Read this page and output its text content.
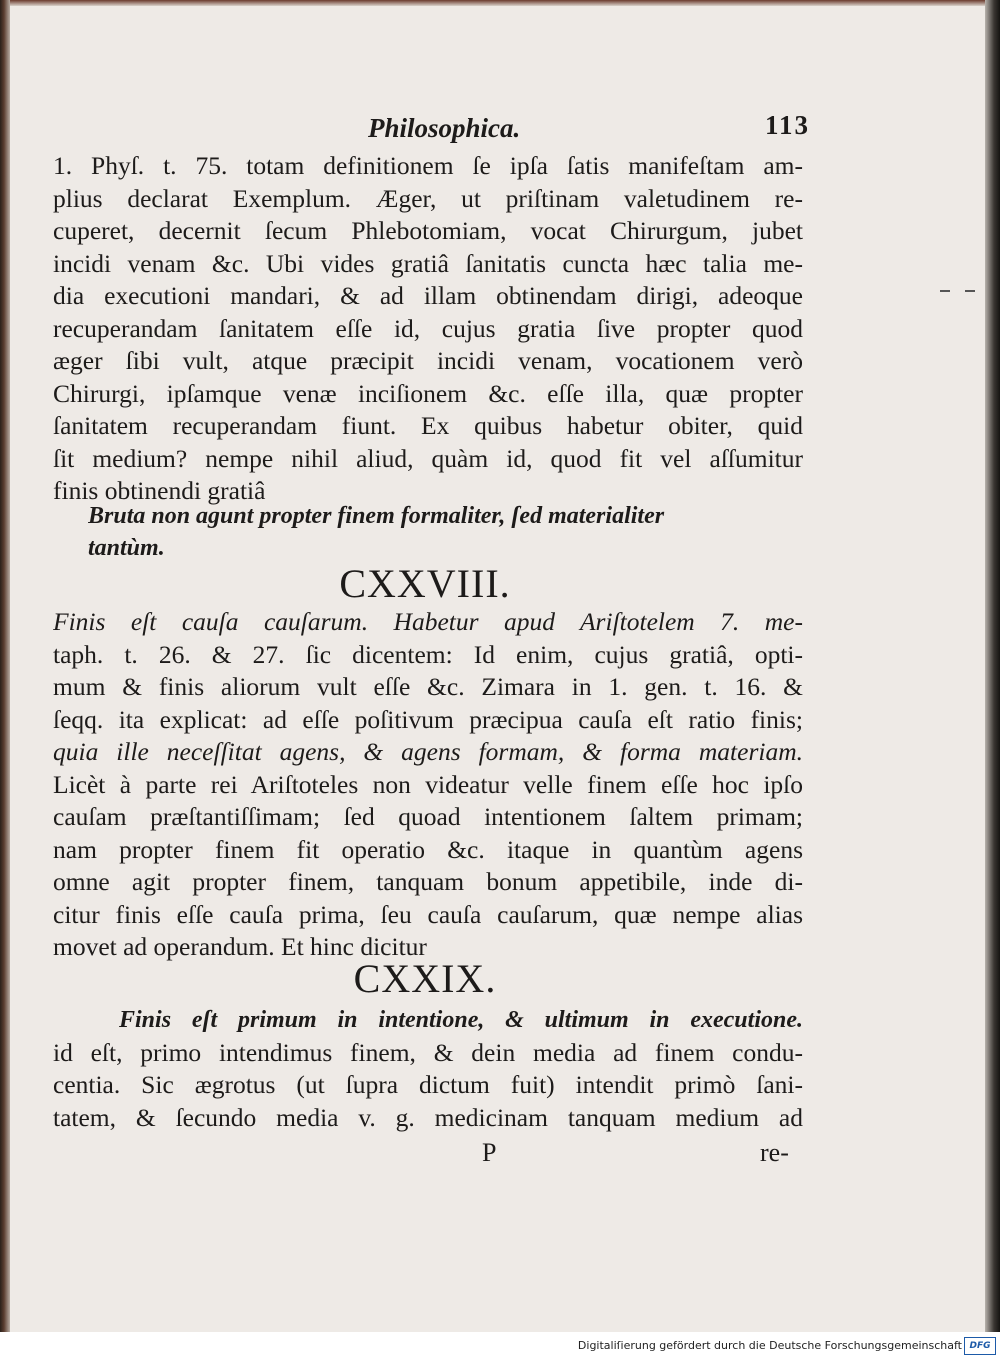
Philosophica.	113
1. Phyſ. t. 75. totam definitionem ſe ipſa ſatis manifeſtam am-
plius declarat Exemplum. Æger, ut priſtinam valetudinem re-
cuperet, decernit ſecum Phlebotomiam, vocat Chirurgum, jubet
incidi venam &c. Ubi vides gratiâ ſanitatis cuncta hæc talia me-
dia executioni mandari, & ad illam obtinendam dirigi, adeoque
recuperandam ſanitatem eſſe id, cujus gratia ſive propter quod
æger ſibi vult, atque præcipit incidi venam, vocationem verò
Chirurgi, ipſamque venæ inciſionem &c. eſſe illa, quæ propter
ſanitatem recuperandam fiunt. Ex quibus habetur obiter, quid
ſit medium? nempe nihil aliud, quàm id, quod fit vel aſſumitur
finis obtinendi gratiâ
Bruta non agunt propter finem formaliter, ſed materialiter
tantùm.
CXXVIII.
Finis eſt cauſa cauſarum. Habetur apud Ariſtotelem 7. me-
taph. t. 26. & 27. ſic dicentem: Id enim, cujus gratiâ, opti-
mum & finis aliorum vult eſſe &c. Zimara in 1. gen. t. 16. &
ſeqq. ita explicat: ad eſſe poſitivum præcipua cauſa eſt ratio finis;
quia ille neceſſitat agens, & agens formam, & forma materiam.
Licèt à parte rei Ariſtoteles non videatur velle finem eſſe hoc ipſo
cauſam præſtantiſſimam; ſed quoad intentionem ſaltem primam;
nam propter finem fit operatio &c. itaque in quantùm agens
omne agit propter finem, tanquam bonum appetibile, inde di-
citur finis eſſe cauſa prima, ſeu cauſa cauſarum, quæ nempe alias
movet ad operandum. Et hinc dicitur
CXXIX.
Finis eſt primum in intentione, & ultimum in executione.
id eſt, primo intendimus finem, & dein media ad finem condu-
centia. Sic ægrotus (ut ſupra dictum fuit) intendit primò ſani-
tatem, & ſecundo media v. g. medicinam tanquam medium ad
P	re-
Digitaliſierung gefördert durch die Deutsche Forschungsgemeinschaft DFG
